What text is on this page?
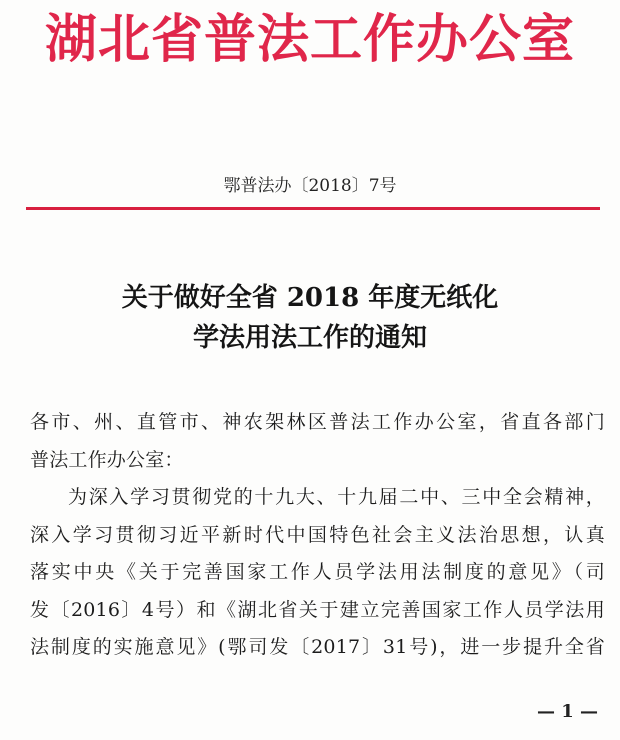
湖北省普法工作办公室
鄂普法办〔2018〕7号
关于做好全省 2018 年度无纸化
学法用法工作的通知
各市、州、直管市、神农架林区普法工作办公室，省直各部门
普法工作办公室：
为深入学习贯彻党的十九大、十九届二中、三中全会精神，
深入学习贯彻习近平新时代中国特色社会主义法治思想，认真
落实中央《关于完善国家工作人员学法用法制度的意见》（司
发〔2016〕4号）和《湖北省关于建立完善国家工作人员学法用
法制度的实施意见》(鄂司发〔2017〕31号)，进一步提升全省
— 1 —
